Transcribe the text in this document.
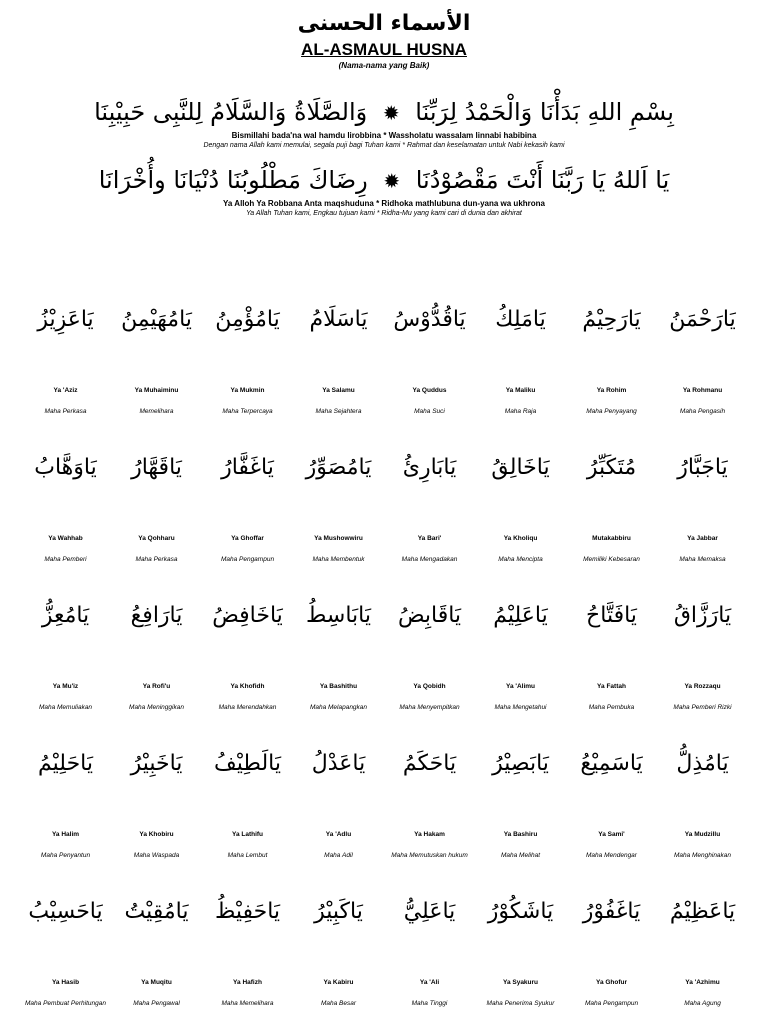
الأسماء الحسنى
AL-ASMAUL HUSNA
(Nama-nama yang Baik)
بِسْمِ اللهِ بَدَأْنَا وَالْحَمْدُ لِرَبِّنَا ✹ وَالصَّلَاةُ وَالسَّلَامُ لِلنَّبِى حَبِيْبِنَا
Bismillahi bada'na wal hamdu lirobbina * Wassholatu wassalam linnabi habibina
Dengan nama Allah kami memulai, segala puji bagi Tuhan kami * Rahmat dan keselamatan untuk Nabi kekasih kami
يَا اَللهُ يَا رَبَّنَا أَنْتَ مَقْصُوْدُنَا ✹ رِضَاكَ مَطْلُوبُنَا دُنْيَانَا وأُخْرَانَا
Ya Alloh Ya Robbana Anta maqshuduna * Ridhoka mathlubuna dun-yana wa ukhrona
Ya Allah Tuhan kami, Engkau tujuan kami * Ridha-Mu yang kami cari di dunia dan akhirat
يَارَحْمَنُ
يَارَحِيْمُ
يَامَلِكُ
يَاقُدُّوْسُ
يَاسَلَامُ
يَامُؤْمِنُ
يَامُهَيْمِنُ
يَاعَزِيْزُ
Ya Rohmanu
Maha Pengasih
Ya Rohim
Maha Penyayang
Ya Maliku
Maha Raja
Ya Quddus
Maha Suci
Ya Salamu
Maha Sejahtera
Ya Mukmin
Maha Terpercaya
Ya Muhaiminu
Memelihara
Ya 'Aziz
Maha Perkasa
يَاجَبَّارُ
مُتَكَبِّرُ
يَاخَالِقُ
يَابَارِئُ
يَامُصَوِّرُ
يَاغَفَّارُ
يَاقَهَّارُ
يَاوَهَّابُ
Ya Jabbar
Maha Memaksa
Mutakabbiru
Memiliki Kebesaran
Ya Kholiqu
Maha Mencipta
Ya Bari'
Maha Mengadakan
Ya Mushowwiru
Maha Membentuk
Ya Ghoffar
Maha Pengampun
Ya Qohharu
Maha Perkasa
Ya Wahhab
Maha Pemberi
يَارَزَّاقُ
يَافَتَّاحُ
يَاعَلِيْمُ
يَاقَابِضُ
يَابَاسِطُ
يَاخَافِضُ
يَارَافِعُ
يَامُعِزُّ
Ya Rozzaqu
Maha Pemberi Rizki
Ya Fattah
Maha Pembuka
Ya 'Alimu
Maha Mengetahui
Ya Qobidh
Maha Menyempitkan
Ya Bashithu
Maha Melapangkan
Ya Khofidh
Maha Merendahkan
Ya Rofi'u
Maha Meninggikan
Ya Mu'iz
Maha Memuliakan
يَامُذِلُّ
يَاسَمِيْعُ
يَابَصِيْرُ
يَاحَكَمُ
يَاعَدْلُ
يَالَطِيْفُ
يَاخَبِيْرُ
يَاحَلِيْمُ
Ya Mudzillu
Maha Menghinakan
Ya Sami'
Maha Mendengar
Ya Bashiru
Maha Melihat
Ya Hakam
Maha Memutuskan hukum
Ya 'Adlu
Maha Adil
Ya Lathifu
Maha Lembut
Ya Khobiru
Maha Waspada
Ya Halim
Maha Penyantun
يَاعَظِيْمُ
يَاغَفُوْرُ
يَاشَكُوْرُ
يَاعَلِيُّ
يَاكَبِيْرُ
يَاحَفِيْظُ
يَامُقِيْتُ
يَاحَسِيْبُ
Ya 'Azhimu
Maha Agung
Ya Ghofur
Maha Pengampun
Ya Syakuru
Maha Penerima Syukur
Ya 'Ali
Maha Tinggi
Ya Kabiru
Maha Besar
Ya Hafizh
Maha Memelihara
Ya Muqitu
Maha Pengawal
Ya Hasib
Maha Pembuat Perhitungan
